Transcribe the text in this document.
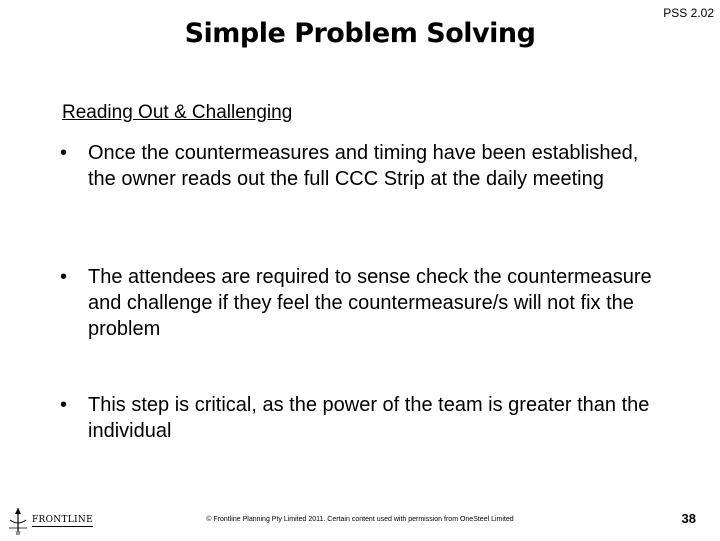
Simple Problem Solving
PSS 2.02
Reading Out & Challenging
• Once the countermeasures and timing have been established, the owner reads out the full CCC Strip at the daily meeting
• The attendees are required to sense check the countermeasure and challenge if they feel the countermeasure/s will not fix the problem
• This step is critical, as the power of the team is greater than the individual
W
FRONTLINE	© Frontline Planning Pty Limited 2011. Certain content used with permission from OneSteel Limited	38
